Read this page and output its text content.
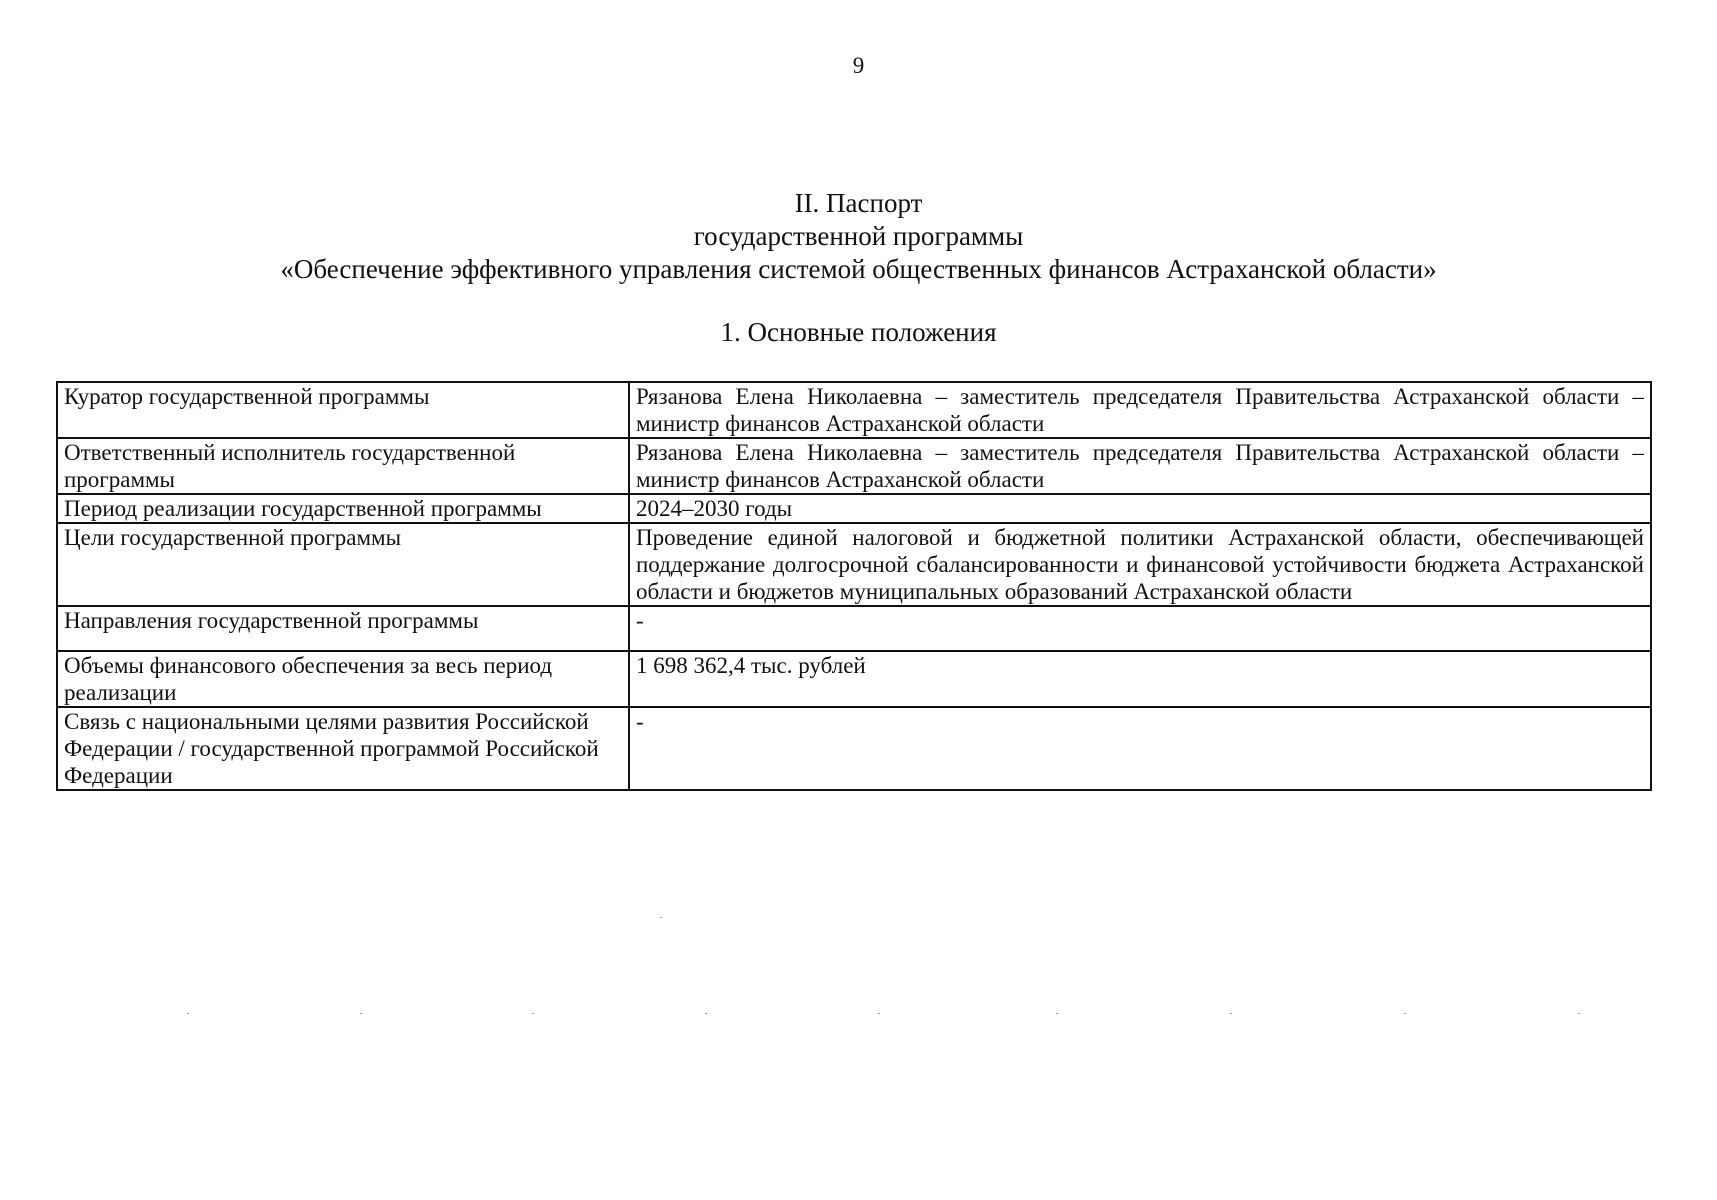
9
II. Паспорт
государственной программы
«Обеспечение эффективного управления системой общественных финансов Астраханской области»
1. Основные положения
Куратор государственной программы	Рязанова Елена Николаевна – заместитель председателя Правительства Астраханской области – министр финансов Астраханской области
Ответственный исполнитель государственной программы	Рязанова Елена Николаевна – заместитель председателя Правительства Астраханской области – министр финансов Астраханской области
Период реализации государственной программы	2024–2030 годы
Цели государственной программы	Проведение единой налоговой и бюджетной политики Астраханской области, обеспечивающей поддержание долгосрочной сбалансированности и финансовой устойчивости бюджета Астраханской области и бюджетов муниципальных образований Астраханской области
Направления государственной программы	-
Объемы финансового обеспечения за весь период реализации	1 698 362,4 тыс. рублей
Связь с национальными целями развития Российской Федерации / государственной программой Российской Федерации	-
